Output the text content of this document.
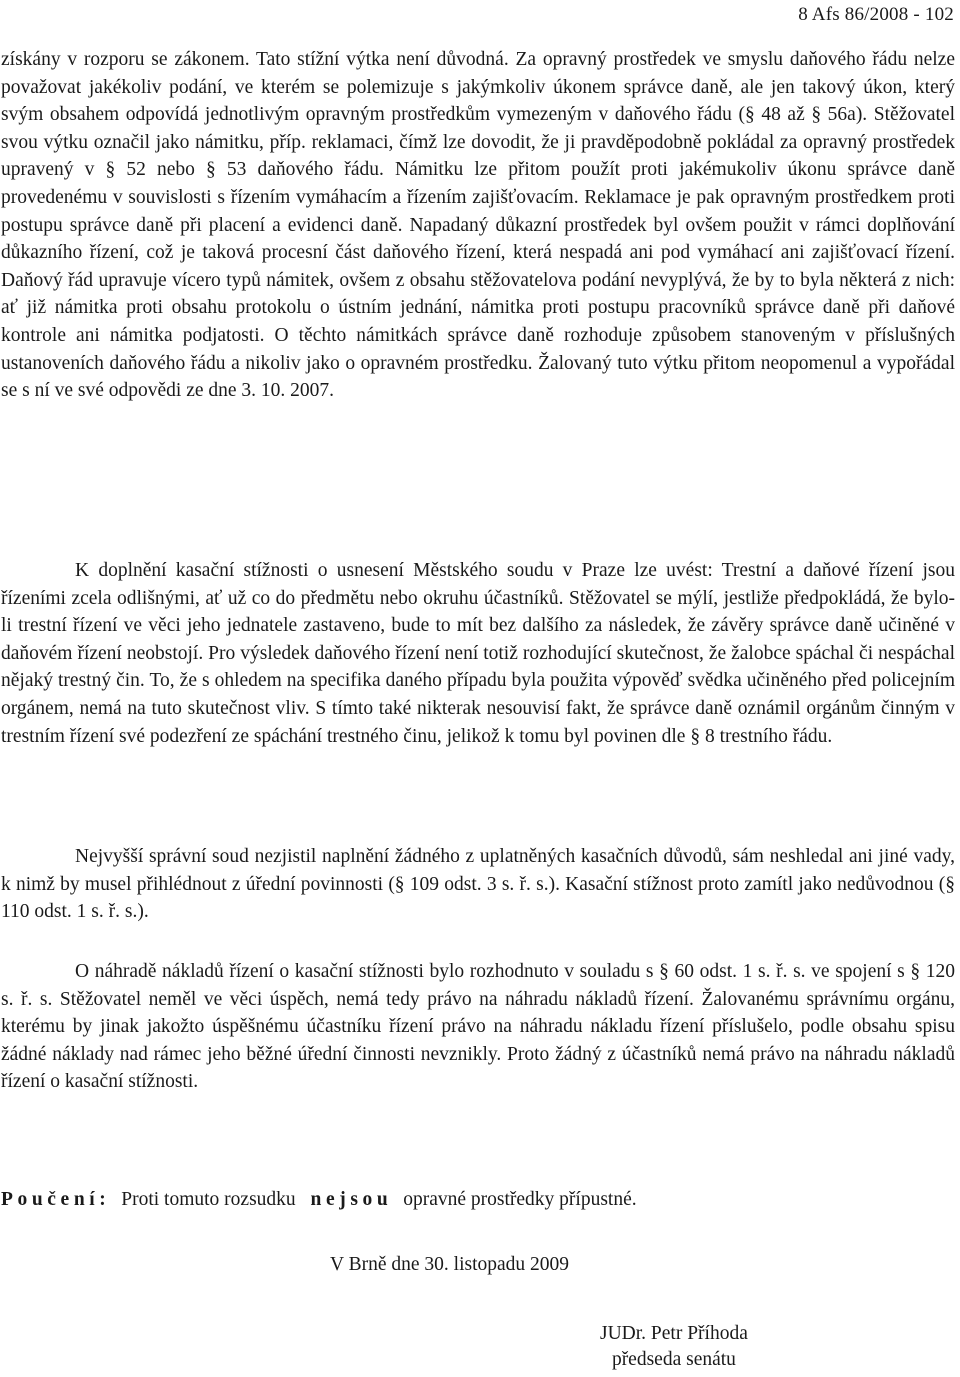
8 Afs 86/2008 - 102

získány v rozporu se zákonem. Tato stížní výtka není důvodná. Za opravný prostředek ve smyslu daňového řádu nelze považovat jakékoliv podání, ve kterém se polemizuje s jakýmkoliv úkonem správce daně, ale jen takový úkon, který svým obsahem odpovídá jednotlivým opravným prostředkům vymezeným v daňového řádu (§ 48 až § 56a). Stěžovatel svou výtku označil jako námitku, příp. reklamaci, čímž lze dovodit, že ji pravděpodobně pokládal za opravný prostředek upravený v § 52 nebo § 53 daňového řádu. Námitku lze přitom použít proti jakémukoliv úkonu správce daně provedenému v souvislosti s řízením vymáhacím a řízením zajišťovacím. Reklamace je pak opravným prostředkem proti postupu správce daně při placení a evidenci daně. Napadaný důkazní prostředek byl ovšem použit v rámci doplňování důkazního řízení, což je taková procesní část daňového řízení, která nespadá ani pod vymáhací ani zajišťovací řízení. Daňový řád upravuje vícero typů námitek, ovšem z obsahu stěžovatelova podání nevyplývá, že by to byla některá z nich: ať již námitka proti obsahu protokolu o ústním jednání, námitka proti postupu pracovníků správce daně při daňové kontrole ani námitka podjatosti. O těchto námitkách správce daně rozhoduje způsobem stanoveným v příslušných ustanoveních daňového řádu a nikoliv jako o opravném prostředku. Žalovaný tuto výtku přitom neopomenul a vypořádal se s ní ve své odpovědi ze dne 3. 10. 2007.

K doplnění kasační stížnosti o usnesení Městského soudu v Praze lze uvést: Trestní a daňové řízení jsou řízeními zcela odlišnými, ať už co do předmětu nebo okruhu účastníků. Stěžovatel se mýlí, jestliže předpokládá, že bylo-li trestní řízení ve věci jeho jednatele zastaveno, bude to mít bez dalšího za následek, že závěry správce daně učiněné v daňovém řízení neobstojí. Pro výsledek daňového řízení není totiž rozhodující skutečnost, že žalobce spáchal či nespáchal nějaký trestný čin. To, že s ohledem na specifika daného případu byla použita výpověď svědka učiněného před policejním orgánem, nemá na tuto skutečnost vliv. S tímto také nikterak nesouvisí fakt, že správce daně oznámil orgánům činným v trestním řízení své podezření ze spáchání trestného činu, jelikož k tomu byl povinen dle § 8 trestního řádu.

Nejvyšší správní soud nezjistil naplnění žádného z uplatněných kasačních důvodů, sám neshledal ani jiné vady, k nimž by musel přihlédnout z úřední povinnosti (§ 109 odst. 3 s. ř. s.). Kasační stížnost proto zamítl jako nedůvodnou (§ 110 odst. 1 s. ř. s.).

O náhradě nákladů řízení o kasační stížnosti bylo rozhodnuto v souladu s § 60 odst. 1 s. ř. s. ve spojení s § 120 s. ř. s. Stěžovatel neměl ve věci úspěch, nemá tedy právo na náhradu nákladů řízení. Žalovanému správnímu orgánu, kterému by jinak jakožto úspěšnému účastníku řízení právo na náhradu nákladu řízení příslušelo, podle obsahu spisu žádné náklady nad rámec jeho běžné úřední činnosti nevznikly. Proto žádný z účastníků nemá právo na náhradu nákladů řízení o kasační stížnosti.

Poučení: Proti tomuto rozsudku nejsou opravné prostředky přípustné.
V Brně dne 30. listopadu 2009
JUDr. Petr Příhoda
předseda senátu
